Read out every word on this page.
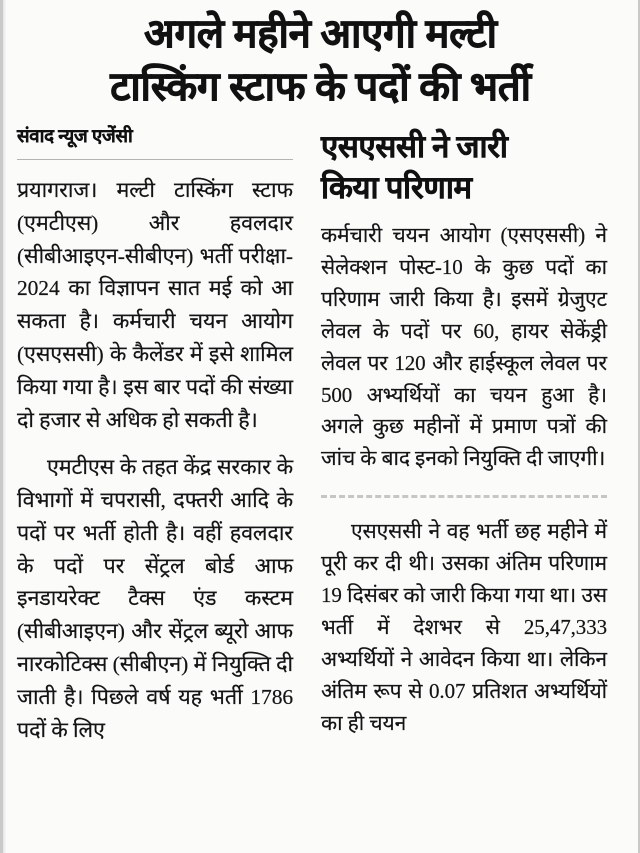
अगले महीने आएगी मल्टी
टास्किंग स्टाफ के पदों की भर्ती
संवाद न्यूज एजेंसी

प्रयागराज। मल्टी टास्किंग स्टाफ (एमटीएस) और हवलदार (सीबीआइएन-सीबीएन) भर्ती परीक्षा- 2024 का विज्ञापन सात मई को आ सकता है। कर्मचारी चयन आयोग (एसएससी) के कैलेंडर में इसे शामिल किया गया है। इस बार पदों की संख्या दो हजार से अधिक हो सकती है।

एमटीएस के तहत केंद्र सरकार के विभागों में चपरासी, दफ्तरी आदि के पदों पर भर्ती होती है। वहीं हवलदार के पदों पर सेंट्रल बोर्ड आफ इनडायरेक्ट टैक्स एंड कस्टम (सीबीआइएन) और सेंट्रल ब्यूरो आफ नारकोटिक्स (सीबीएन) में नियुक्ति दी जाती है। पिछले वर्ष यह भर्ती 1786 पदों के लिए

एसएससी ने जारी
किया परिणाम

कर्मचारी चयन आयोग (एसएससी) ने सेलेक्शन पोस्ट-10 के कुछ पदों का परिणाम जारी किया है। इसमें ग्रेजुएट लेवल के पदों पर 60, हायर सेकेंड्री लेवल पर 120 और हाईस्कूल लेवल पर 500 अभ्यर्थियों का चयन हुआ है। अगले कुछ महीनों में प्रमाण पत्रों की जांच के बाद इनको नियुक्ति दी जाएगी।

एसएससी ने वह भर्ती छह महीने में पूरी कर दी थी। उसका अंतिम परिणाम 19 दिसंबर को जारी किया गया था। उस भर्ती में देशभर से 25,47,333 अभ्यर्थियों ने आवेदन किया था। लेकिन अंतिम रूप से 0.07 प्रतिशत अभ्यर्थियों का ही चयन
